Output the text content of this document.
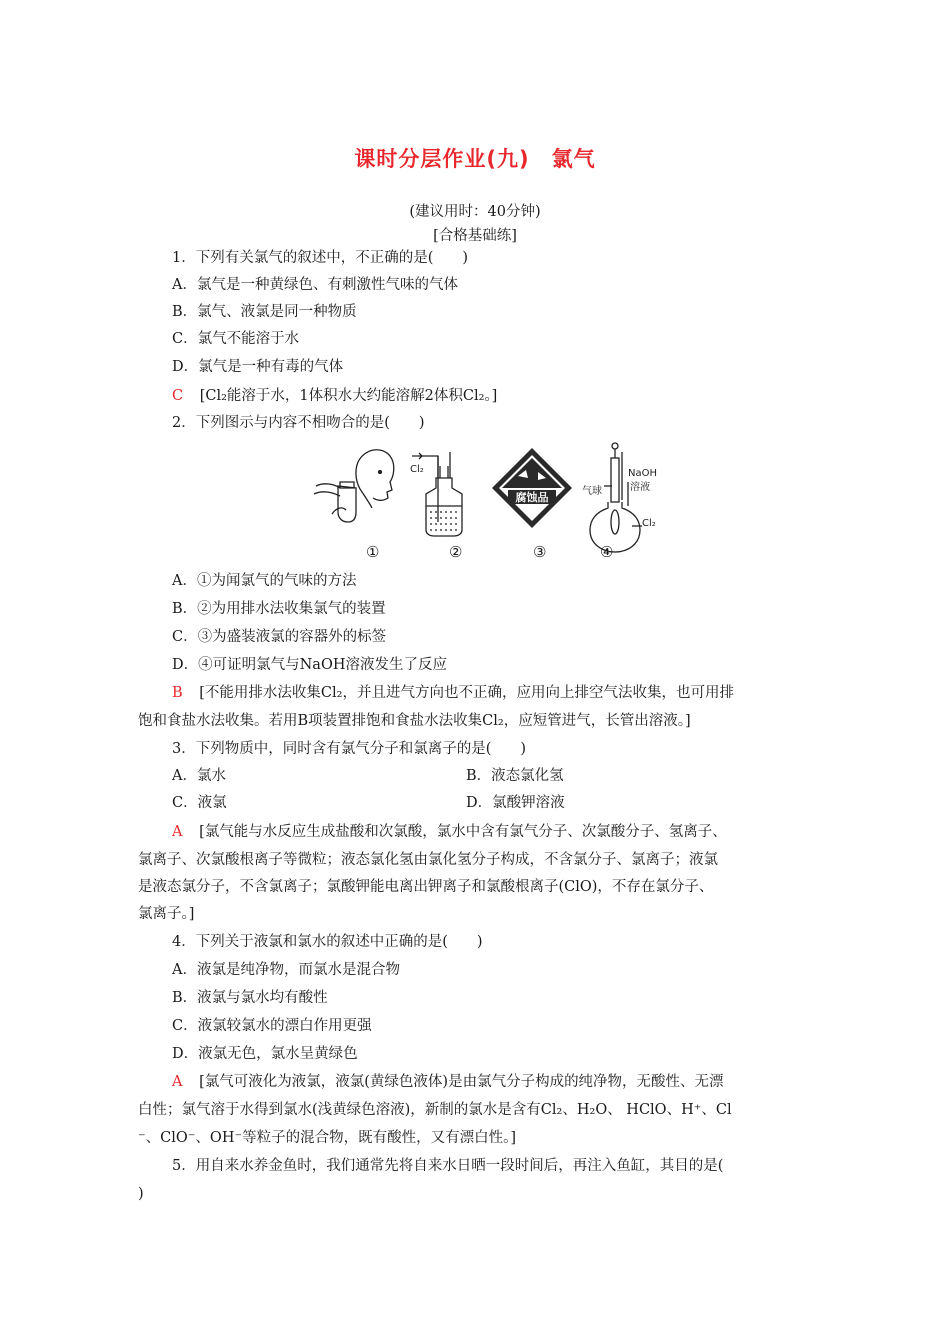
课时分层作业(九)　氯气
(建议用时：40分钟)
[合格基础练]
1．下列有关氯气的叙述中，不正确的是(　　)
A．氯气是一种黄绿色、有刺激性气味的气体
B．氯气、液氯是同一种物质
C．氯气不能溶于水
D．氯气是一种有毒的气体
C [Cl₂能溶于水，1体积水大约能溶解2体积Cl₂。]
2．下列图示与内容不相吻合的是(　　)
Cl₂
腐蚀品	气球
NaOH
溶液
Cl₂
①	②	③	④
A．①为闻氯气的气味的方法
B．②为用排水法收集氯气的装置
C．③为盛装液氯的容器外的标签
D．④可证明氯气与NaOH溶液发生了反应
B [不能用排水法收集Cl₂，并且进气方向也不正确，应用向上排空气法收集，也可用排
饱和食盐水法收集。若用B项装置排饱和食盐水法收集Cl₂，应短管进气，长管出溶液。]
3．下列物质中，同时含有氯气分子和氯离子的是(　　)
A．氯水	B．液态氯化氢
C．液氯	D．氯酸钾溶液
A [氯气能与水反应生成盐酸和次氯酸，氯水中含有氯气分子、次氯酸分子、氢离子、
氯离子、次氯酸根离子等微粒；液态氯化氢由氯化氢分子构成，不含氯分子、氯离子；液氯
是液态氯分子，不含氯离子；氯酸钾能电离出钾离子和氯酸根离子(ClO)，不存在氯分子、
氯离子。]
4．下列关于液氯和氯水的叙述中正确的是(　　)
A．液氯是纯净物，而氯水是混合物
B．液氯与氯水均有酸性
C．液氯较氯水的漂白作用更强
D．液氯无色，氯水呈黄绿色
A [氯气可液化为液氯，液氯(黄绿色液体)是由氯气分子构成的纯净物，无酸性、无漂
白性；氯气溶于水得到氯水(浅黄绿色溶液)，新制的氯水是含有Cl₂、H₂O、 HClO、H⁺、Cl
⁻、ClO⁻、OH⁻等粒子的混合物，既有酸性，又有漂白性。]
5．用自来水养金鱼时，我们通常先将自来水日晒一段时间后，再注入鱼缸，其目的是(
)
